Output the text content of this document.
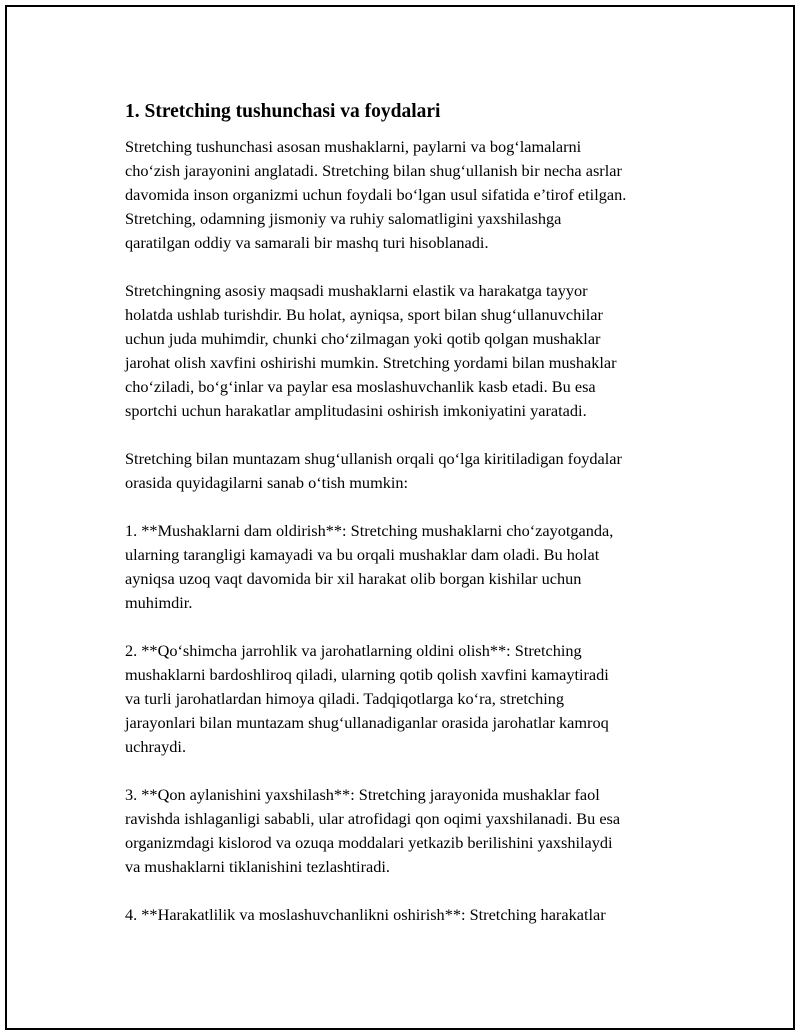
1. Stretching tushunchasi va foydalari
Stretching tushunchasi asosan mushaklarni, paylarni va bog‘lamalarni
cho‘zish jarayonini anglatadi. Stretching bilan shug‘ullanish bir necha asrlar
davomida inson organizmi uchun foydali bo‘lgan usul sifatida e’tirof etilgan.
Stretching, odamning jismoniy va ruhiy salomatligini yaxshilashga
qaratilgan oddiy va samarali bir mashq turi hisoblanadi.
Stretchingning asosiy maqsadi mushaklarni elastik va harakatga tayyor
holatda ushlab turishdir. Bu holat, ayniqsa, sport bilan shug‘ullanuvchilar
uchun juda muhimdir, chunki cho‘zilmagan yoki qotib qolgan mushaklar
jarohat olish xavfini oshirishi mumkin. Stretching yordami bilan mushaklar
cho‘ziladi, bo‘g‘inlar va paylar esa moslashuvchanlik kasb etadi. Bu esa
sportchi uchun harakatlar amplitudasini oshirish imkoniyatini yaratadi.
Stretching bilan muntazam shug‘ullanish orqali qo‘lga kiritiladigan foydalar
orasida quyidagilarni sanab o‘tish mumkin:
1. **Mushaklarni dam oldirish**: Stretching mushaklarni cho‘zayotganda,
ularning tarangligi kamayadi va bu orqali mushaklar dam oladi. Bu holat
ayniqsa uzoq vaqt davomida bir xil harakat olib borgan kishilar uchun
muhimdir.
2. **Qo‘shimcha jarrohlik va jarohatlarning oldini olish**: Stretching
mushaklarni bardoshliroq qiladi, ularning qotib qolish xavfini kamaytiradi
va turli jarohatlardan himoya qiladi. Tadqiqotlarga ko‘ra, stretching
jarayonlari bilan muntazam shug‘ullanadiganlar orasida jarohatlar kamroq
uchraydi.
3. **Qon aylanishini yaxshilash**: Stretching jarayonida mushaklar faol
ravishda ishlaganligi sababli, ular atrofidagi qon oqimi yaxshilanadi. Bu esa
organizmdagi kislorod va ozuqa moddalari yetkazib berilishini yaxshilaydi
va mushaklarni tiklanishini tezlashtiradi.
4. **Harakatlilik va moslashuvchanlikni oshirish**: Stretching harakatlar
